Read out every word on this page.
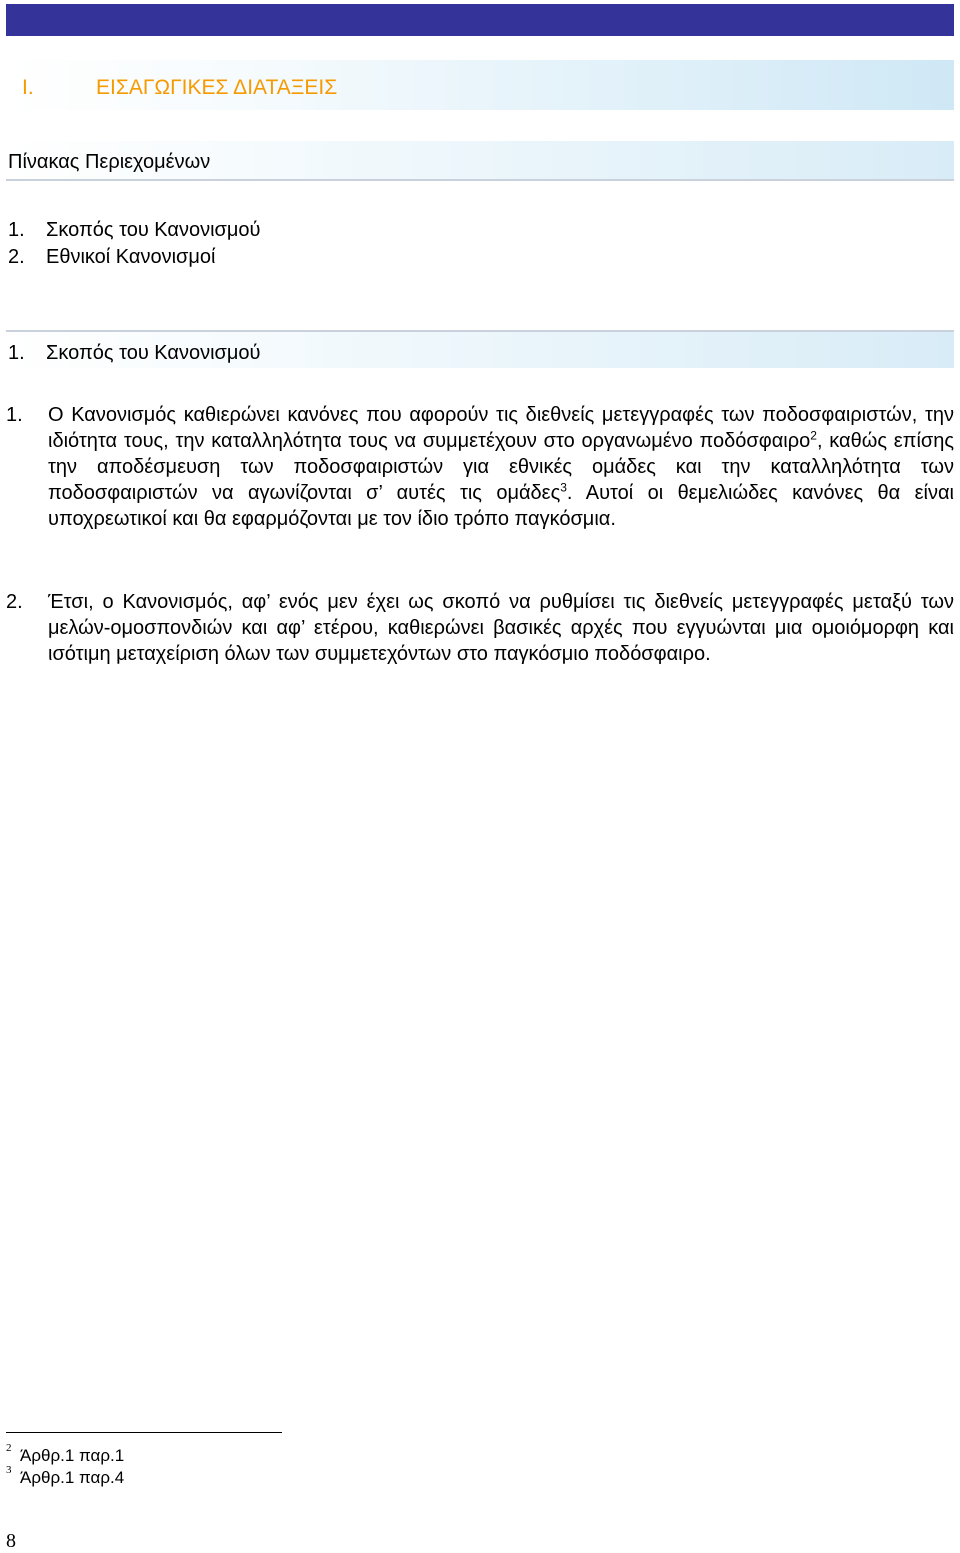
I.	ΕΙΣΑΓΩΓΙΚΕΣ ΔΙΑΤΑΞΕΙΣ
Πίνακας Περιεχομένων
1. Σκοπός του Κανονισμού
2. Εθνικοί Κανονισμοί
1. Σκοπός του Κανονισμού
1. Ο Κανονισμός καθιερώνει κανόνες που αφορούν τις διεθνείς μετεγγραφές των ποδοσφαιριστών, την ιδιότητα τους, την καταλληλότητα τους να συμμετέχουν στο οργανωμένο ποδόσφαιρο$^2$, καθώς επίσης την αποδέσμευση των ποδοσφαιριστών για εθνικές ομάδες και την καταλληλότητα των ποδοσφαιριστών να αγωνίζονται σ’ αυτές τις ομάδες$^3$. Αυτοί οι θεμελιώδες κανόνες θα είναι υποχρεωτικοί και θα εφαρμόζονται με τον ίδιο τρόπο παγκόσμια.
2. Έτσι, ο Κανονισμός, αφ’ ενός μεν έχει ως σκοπό να ρυθμίσει τις διεθνείς μετεγγραφές μεταξύ των μελών-ομοσπονδιών και αφ’ ετέρου, καθιερώνει βασικές αρχές που εγγυώνται μια ομοιόμορφη και ισότιμη μεταχείριση όλων των συμμετεχόντων στο παγκόσμιο ποδόσφαιρο.
2 Άρθρ.1 παρ.1
3 Άρθρ.1 παρ.4
8
